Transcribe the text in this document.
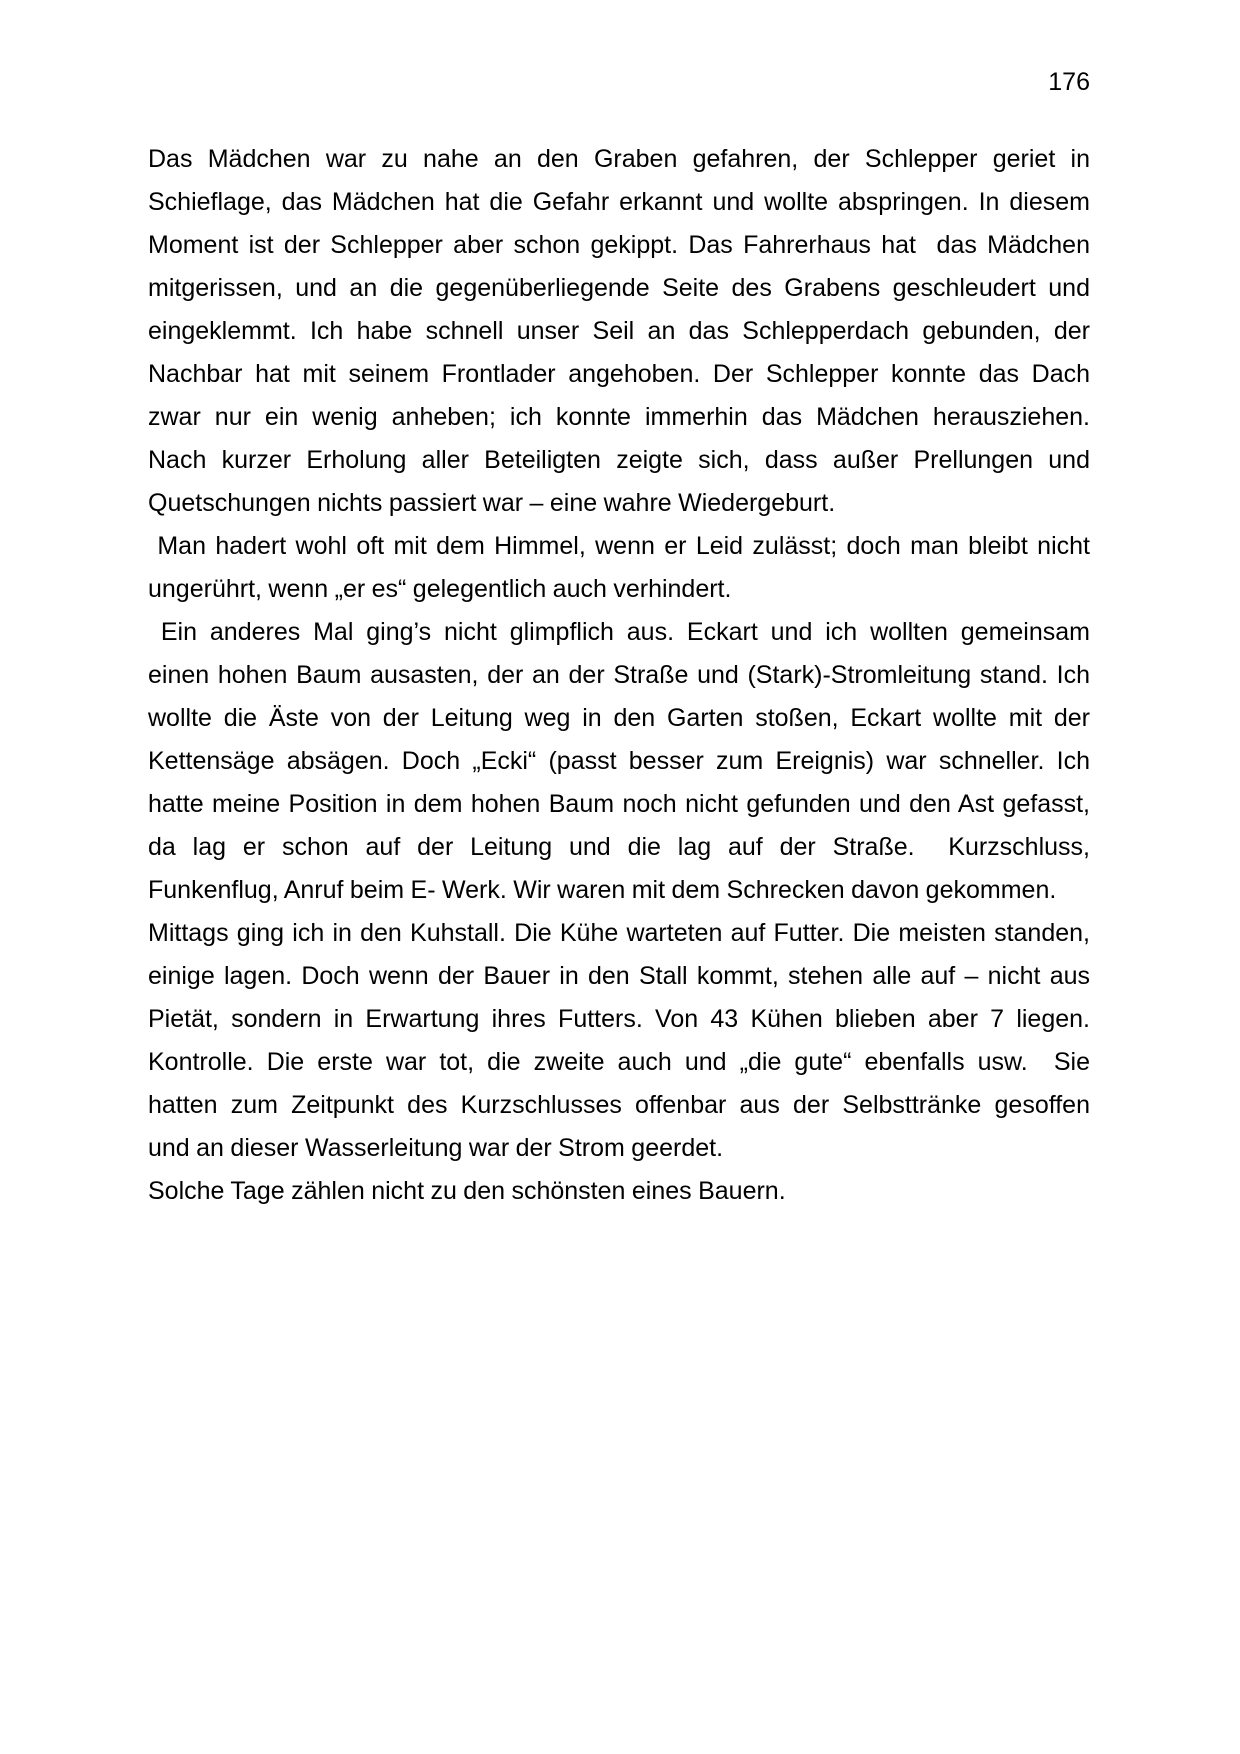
176
Das Mädchen war zu nahe an den Graben gefahren, der Schlepper geriet in
Schieflage, das Mädchen hat die Gefahr erkannt und wollte abspringen. In diesem
Moment ist der Schlepper aber schon gekippt. Das Fahrerhaus hat  das Mädchen
mitgerissen, und an die gegenüberliegende Seite des Grabens geschleudert und
eingeklemmt. Ich habe schnell unser Seil an das Schlepperdach gebunden, der
Nachbar hat mit seinem Frontlader angehoben. Der Schlepper konnte das Dach
zwar nur ein wenig anheben; ich konnte immerhin das Mädchen herausziehen.
Nach kurzer Erholung aller Beteiligten zeigte sich, dass außer Prellungen und
Quetschungen nichts passiert war – eine wahre Wiedergeburt.
Man hadert wohl oft mit dem Himmel, wenn er Leid zulässt; doch man bleibt nicht
ungerührt, wenn „er es“ gelegentlich auch verhindert.
Ein anderes Mal ging’s nicht glimpflich aus. Eckart und ich wollten gemeinsam
einen hohen Baum ausasten, der an der Straße und (Stark)-Stromleitung stand. Ich
wollte die Äste von der Leitung weg in den Garten stoßen, Eckart wollte mit der
Kettensäge absägen. Doch „Ecki“ (passt besser zum Ereignis) war schneller. Ich
hatte meine Position in dem hohen Baum noch nicht gefunden und den Ast gefasst,
da lag er schon auf der Leitung und die lag auf der Straße.  Kurzschluss,
Funkenflug, Anruf beim E- Werk. Wir waren mit dem Schrecken davon gekommen.
Mittags ging ich in den Kuhstall. Die Kühe warteten auf Futter. Die meisten standen,
einige lagen. Doch wenn der Bauer in den Stall kommt, stehen alle auf – nicht aus
Pietät, sondern in Erwartung ihres Futters. Von 43 Kühen blieben aber 7 liegen.
Kontrolle. Die erste war tot, die zweite auch und „die gute“ ebenfalls usw.  Sie
hatten zum Zeitpunkt des Kurzschlusses offenbar aus der Selbsttränke gesoffen
und an dieser Wasserleitung war der Strom geerdet.
Solche Tage zählen nicht zu den schönsten eines Bauern.
